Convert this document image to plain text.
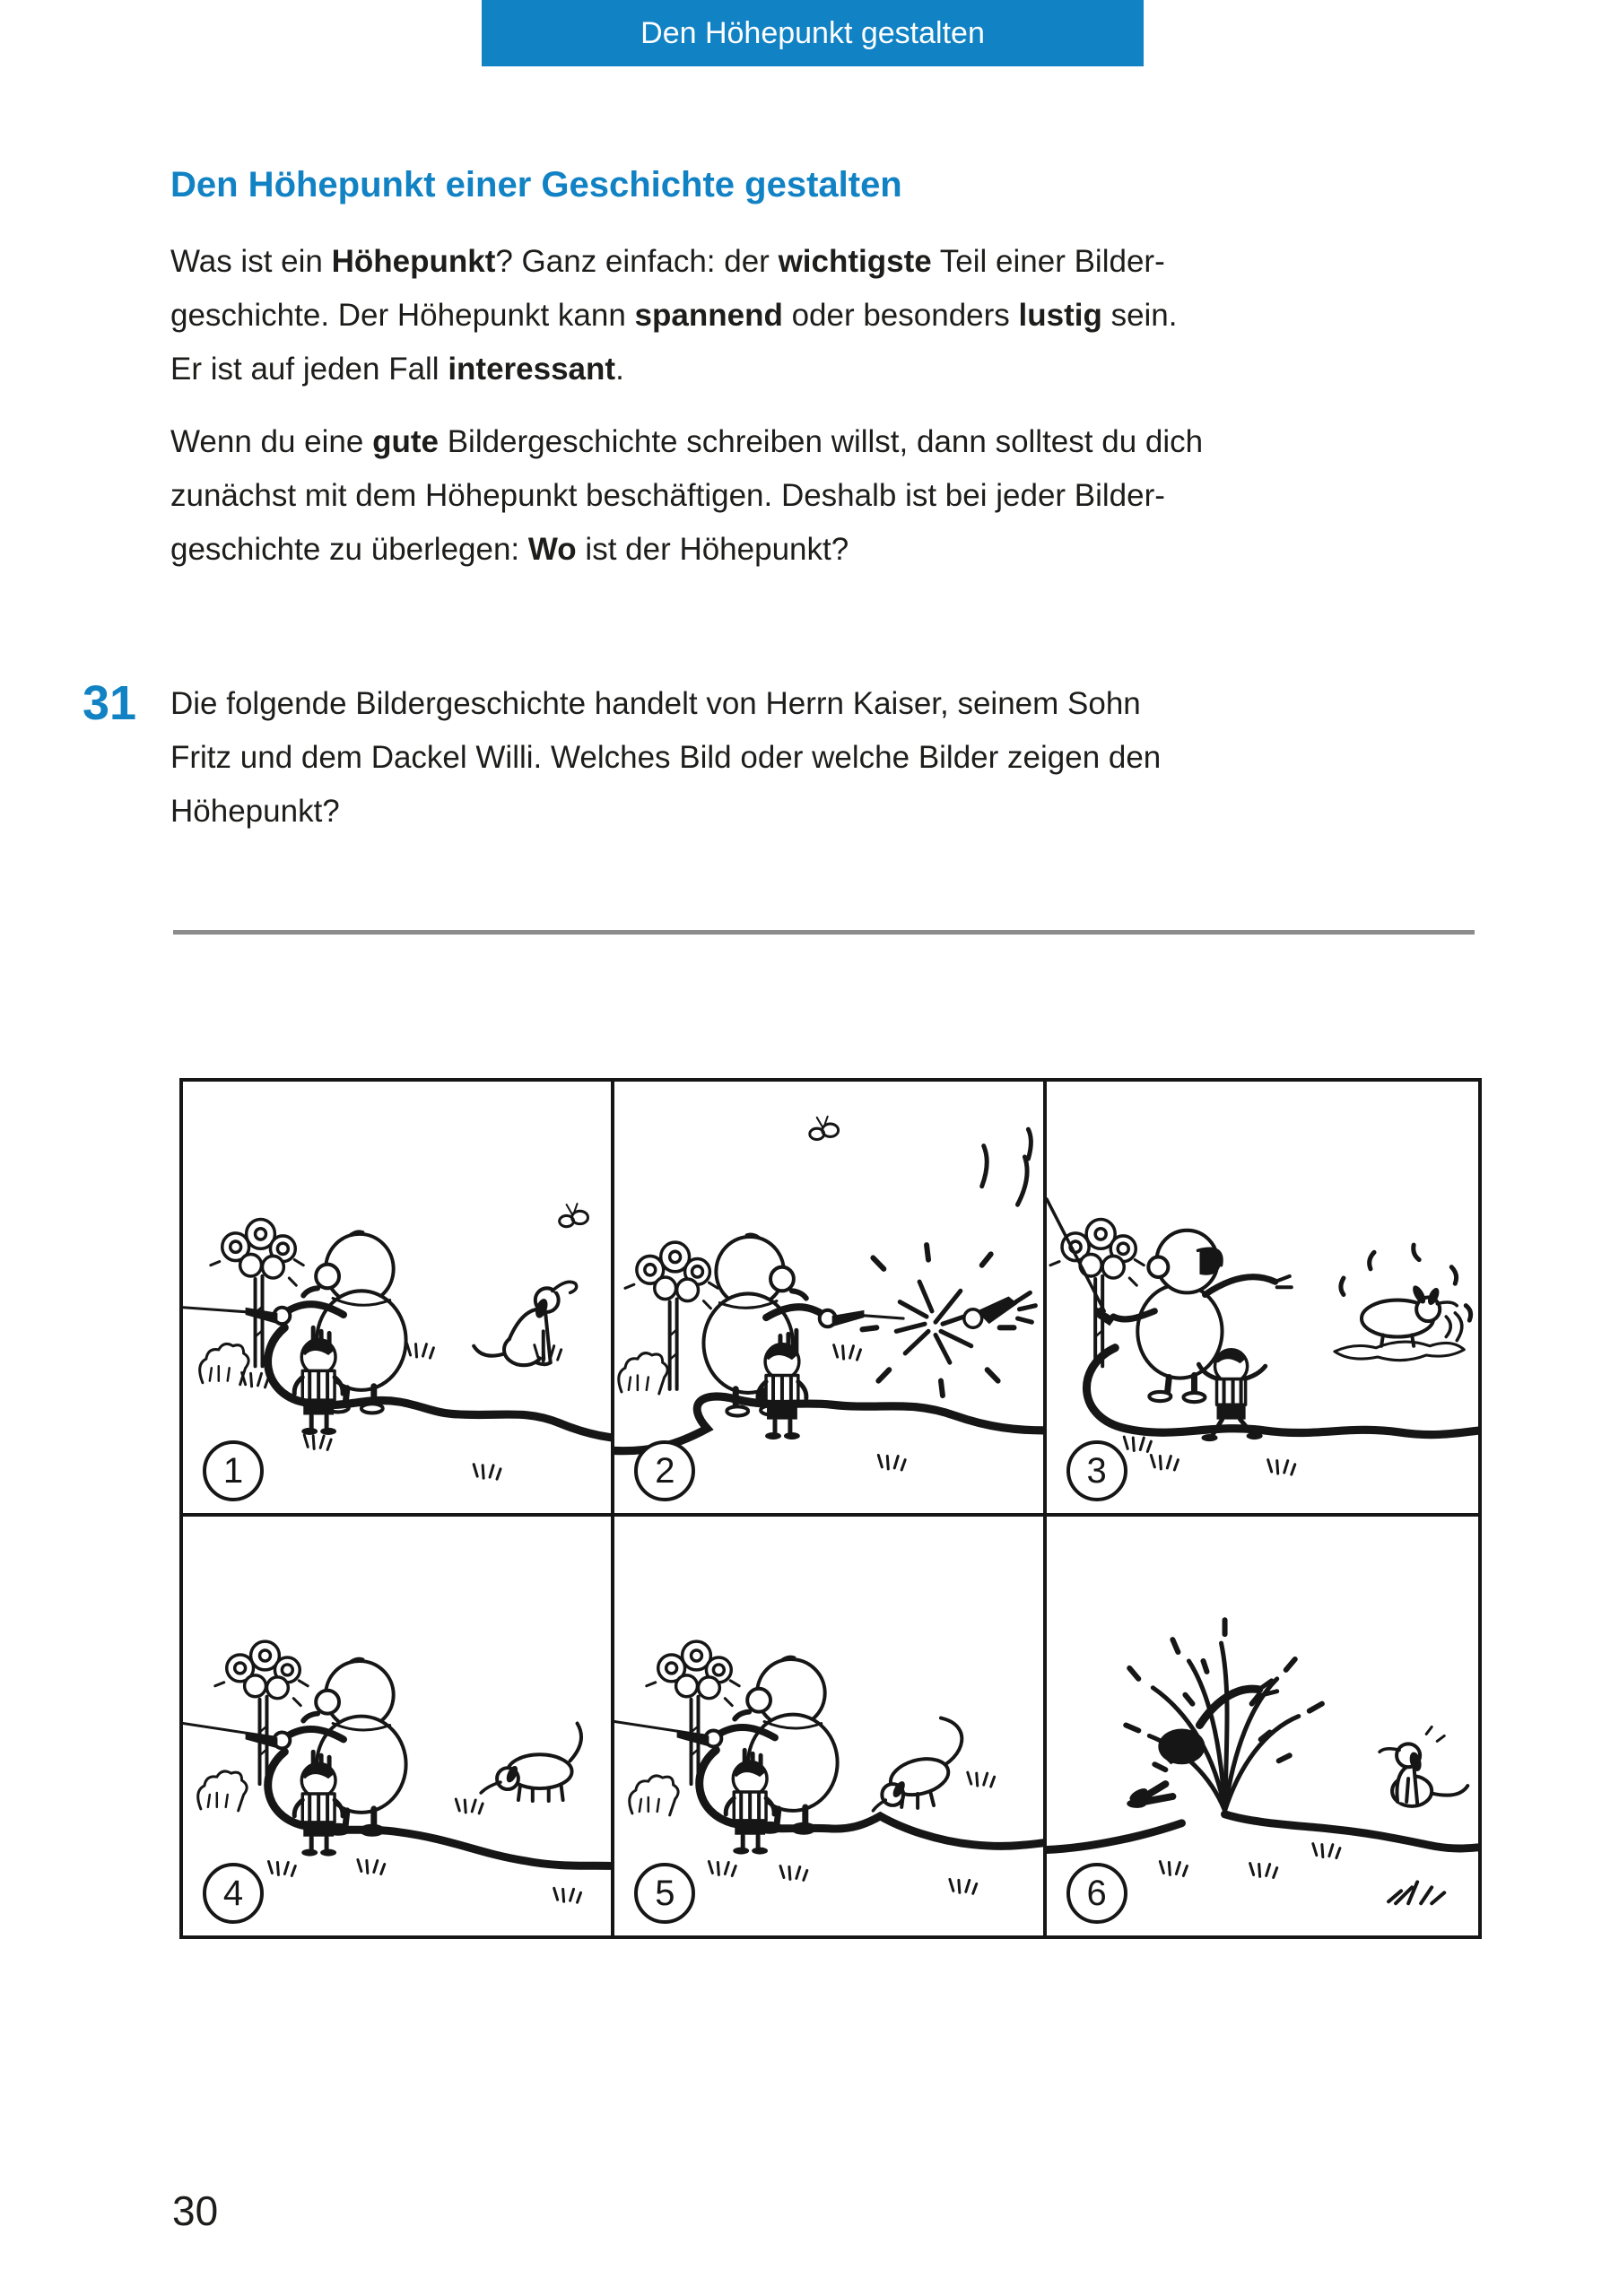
Den Höhepunkt gestalten
Den Höhepunkt einer Geschichte gestalten
Was ist ein Höhepunkt? Ganz einfach: der wichtigste Teil einer Bilder-
geschichte. Der Höhepunkt kann spannend oder besonders lustig sein.
Er ist auf jeden Fall interessant.
Wenn du eine gute Bildergeschichte schreiben willst, dann solltest du dich
zunächst mit dem Höhepunkt beschäftigen. Deshalb ist bei jeder Bilder-
geschichte zu überlegen: Wo ist der Höhepunkt?
31 Die folgende Bildergeschichte handelt von Herrn Kaiser, seinem Sohn
Fritz und dem Dackel Willi. Welches Bild oder welche Bilder zeigen den
Höhepunkt?
1	2	3
4	5	6
30
